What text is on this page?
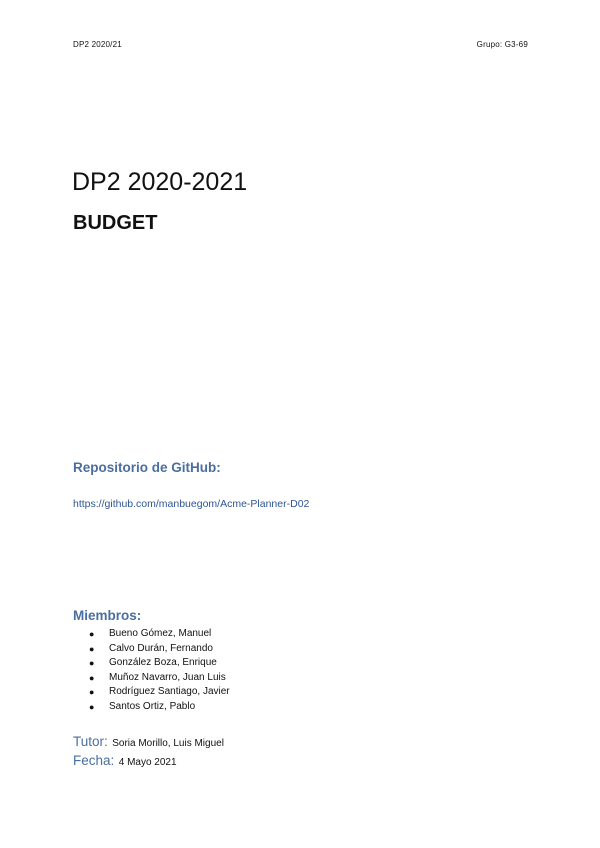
DP2 2020/21	Grupo: G3-69
DP2 2020-2021
BUDGET
Repositorio de GitHub:
https://github.com/manbuegom/Acme-Planner-D02
Miembros:
● Bueno Gómez, Manuel
● Calvo Durán, Fernando
● González Boza, Enrique
● Muñoz Navarro, Juan Luis
● Rodríguez Santiago, Javier
● Santos Ortiz, Pablo
Tutor: Soria Morillo, Luis Miguel
Fecha: 4 Mayo 2021
